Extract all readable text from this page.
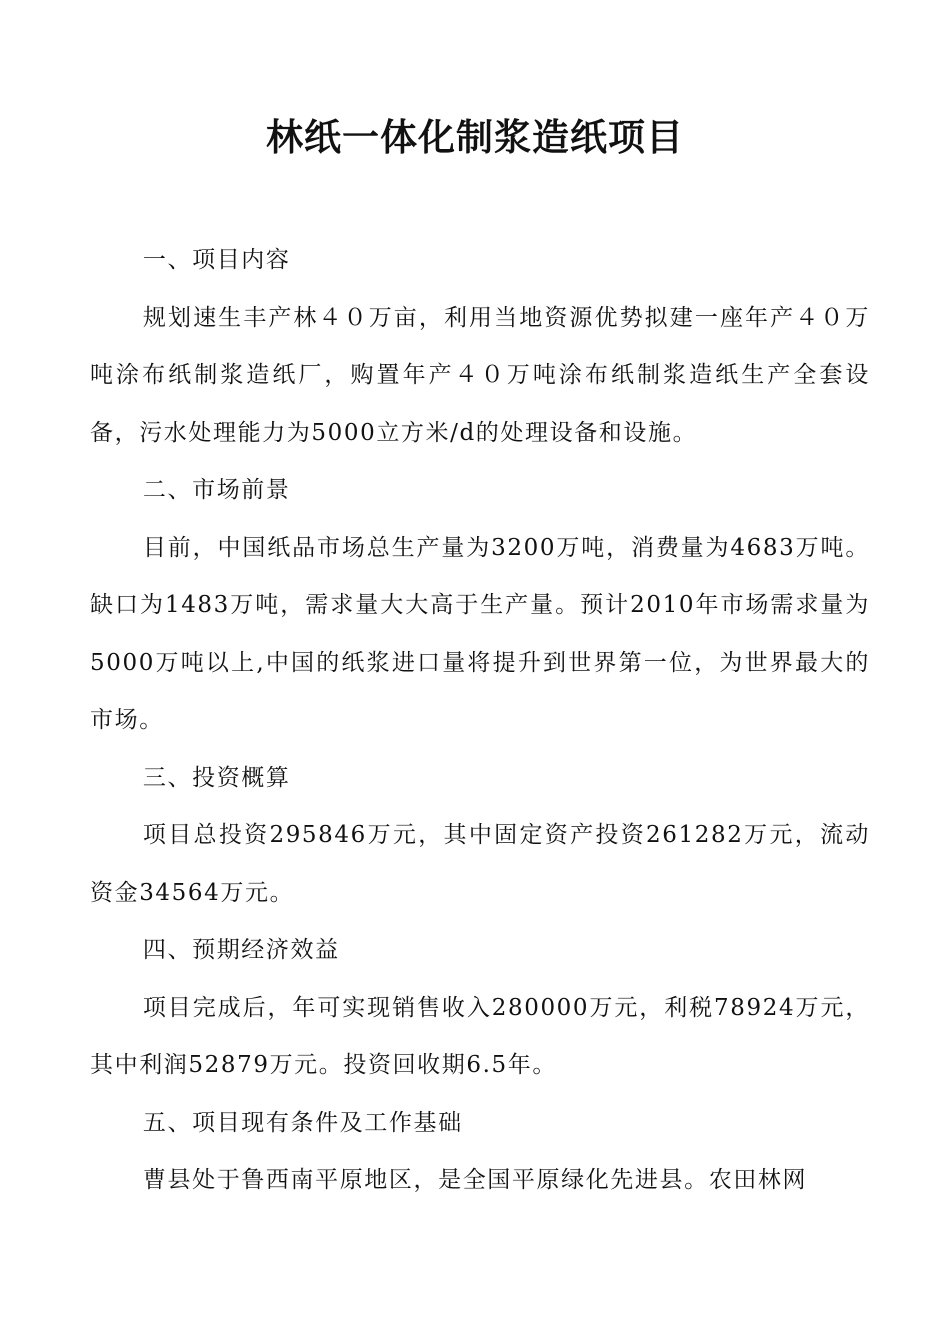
林纸一体化制浆造纸项目

一、项目内容

规划速生丰产林４０万亩，利用当地资源优势拟建一座年产４０万吨涂布纸制浆造纸厂，购置年产４０万吨涂布纸制浆造纸生产全套设备，污水处理能力为5000立方米/d的处理设备和设施。

二、市场前景

目前，中国纸品市场总生产量为3200万吨，消费量为4683万吨。缺口为1483万吨，需求量大大高于生产量。预计2010年市场需求量为5000万吨以上,中国的纸浆进口量将提升到世界第一位，为世界最大的市场。

三、投资概算

项目总投资295846万元，其中固定资产投资261282万元，流动资金34564万元。

四、预期经济效益

项目完成后，年可实现销售收入280000万元，利税78924万元，其中利润52879万元。投资回收期6.5年。

五、项目现有条件及工作基础

曹县处于鲁西南平原地区，是全国平原绿化先进县。农田林网
